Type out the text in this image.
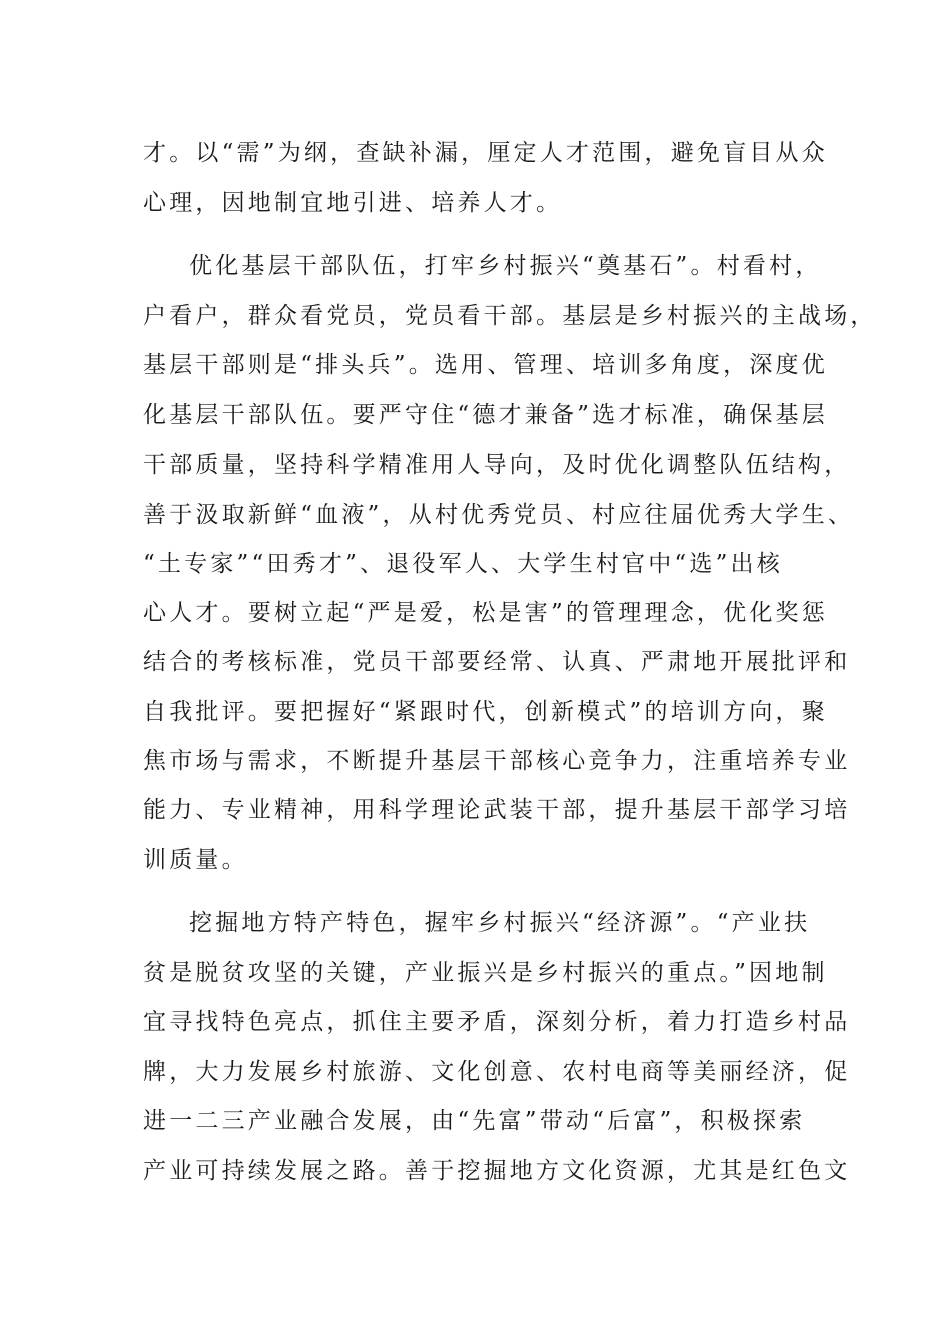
才。以“需”为纲，查缺补漏，厘定人才范围，避免盲目从众

心理，因地制宜地引进、培养人才。

优化基层干部队伍，打牢乡村振兴“奠基石”。村看村，

户看户，群众看党员，党员看干部。基层是乡村振兴的主战场，

基层干部则是“排头兵”。选用、管理、培训多角度，深度优

化基层干部队伍。要严守住“德才兼备”选才标准，确保基层

干部质量，坚持科学精准用人导向，及时优化调整队伍结构，

善于汲取新鲜“血液”，从村优秀党员、村应往届优秀大学生、

“土专家”“田秀才”、退役军人、大学生村官中“选”出核

心人才。要树立起“严是爱，松是害”的管理理念，优化奖惩

结合的考核标准，党员干部要经常、认真、严肃地开展批评和

自我批评。要把握好“紧跟时代，创新模式”的培训方向，聚

焦市场与需求，不断提升基层干部核心竞争力，注重培养专业

能力、专业精神，用科学理论武装干部，提升基层干部学习培

训质量。

挖掘地方特产特色，握牢乡村振兴“经济源”。“产业扶

贫是脱贫攻坚的关键，产业振兴是乡村振兴的重点。”因地制

宜寻找特色亮点，抓住主要矛盾，深刻分析，着力打造乡村品

牌，大力发展乡村旅游、文化创意、农村电商等美丽经济，促

进一二三产业融合发展，由“先富”带动“后富”，积极探索

产业可持续发展之路。善于挖掘地方文化资源，尤其是红色文
